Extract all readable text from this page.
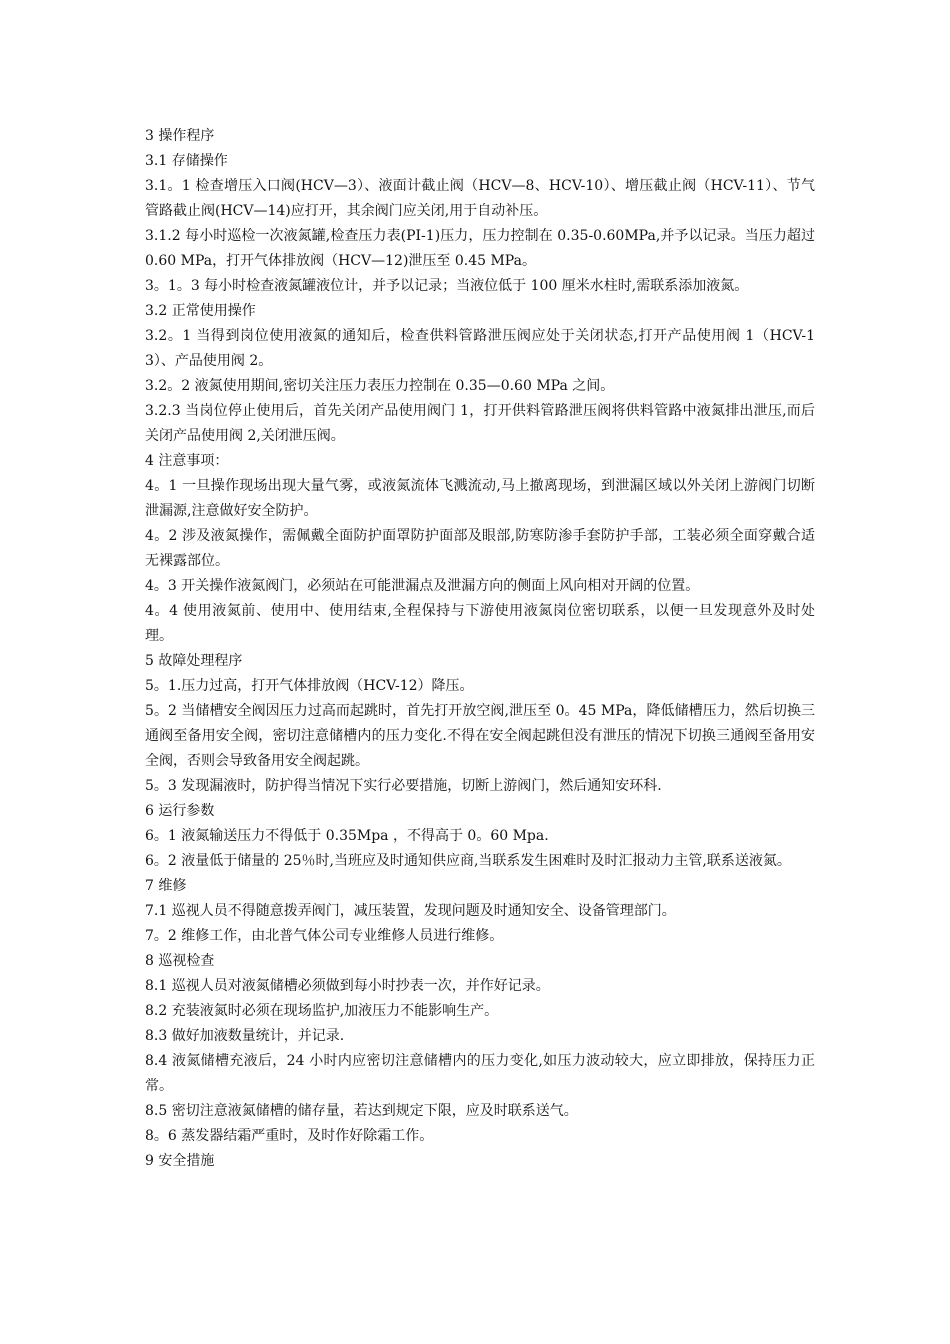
3 操作程序

3.1 存储操作

3.1。1 检查增压入口阀(HCV—3）、液面计截止阀（HCV—8、HCV-10）、增压截止阀（HCV-11）、节气管路截止阀(HCV—14)应打开，其余阀门应关闭,用于自动补压。

3.1.2 每小时巡检一次液氮罐,检查压力表(PI-1)压力，压力控制在 0.35-0.60MPa,并予以记录。当压力超过 0.60 MPa，打开气体排放阀（HCV—12)泄压至 0.45 MPa。

3。1。3 每小时检查液氮罐液位计，并予以记录；当液位低于 100 厘米水柱时,需联系添加液氮。

3.2 正常使用操作

3.2。1 当得到岗位使用液氮的通知后，检查供料管路泄压阀应处于关闭状态,打开产品使用阀 1（HCV-13）、产品使用阀 2。

3.2。2 液氮使用期间,密切关注压力表压力控制在 0.35—0.60 MPa 之间。

3.2.3 当岗位停止使用后，首先关闭产品使用阀门 1，打开供料管路泄压阀将供料管路中液氮排出泄压,而后关闭产品使用阀 2,关闭泄压阀。

4 注意事项：

4。1 一旦操作现场出现大量气雾，或液氮流体飞溅流动,马上撤离现场，到泄漏区域以外关闭上游阀门切断泄漏源,注意做好安全防护。

4。2 涉及液氮操作，需佩戴全面防护面罩防护面部及眼部,防寒防渗手套防护手部，工装必须全面穿戴合适无裸露部位。

4。3 开关操作液氮阀门，必须站在可能泄漏点及泄漏方向的侧面上风向相对开阔的位置。

4。4 使用液氮前、使用中、使用结束,全程保持与下游使用液氮岗位密切联系，以便一旦发现意外及时处理。

5 故障处理程序

5。1.压力过高，打开气体排放阀（HCV-12）降压。

5。2 当储槽安全阀因压力过高而起跳时，首先打开放空阀,泄压至 0。45 MPa，降低储槽压力，然后切换三通阀至备用安全阀，密切注意储槽内的压力变化.不得在安全阀起跳但没有泄压的情况下切换三通阀至备用安全阀，否则会导致备用安全阀起跳。

5。3 发现漏液时，防护得当情况下实行必要措施，切断上游阀门，然后通知安环科.

6 运行参数

6。1 液氮输送压力不得低于 0.35Mpa ，不得高于 0。60 Mpa.

6。2 液量低于储量的 25％时,当班应及时通知供应商,当联系发生困难时及时汇报动力主管,联系送液氮。

7 维修

7.1 巡视人员不得随意拨弄阀门，减压装置，发现问题及时通知安全、设备管理部门。

7。2 维修工作，由北普气体公司专业维修人员进行维修。

8 巡视检查

8.1 巡视人员对液氮储槽必须做到每小时抄表一次，并作好记录。

8.2 充装液氮时必须在现场监护,加液压力不能影响生产。

8.3 做好加液数量统计，并记录.

8.4 液氮储槽充液后，24 小时内应密切注意储槽内的压力变化,如压力波动较大，应立即排放，保持压力正常。

8.5 密切注意液氮储槽的储存量，若达到规定下限，应及时联系送气。

8。6 蒸发器结霜严重时，及时作好除霜工作。

9 安全措施
